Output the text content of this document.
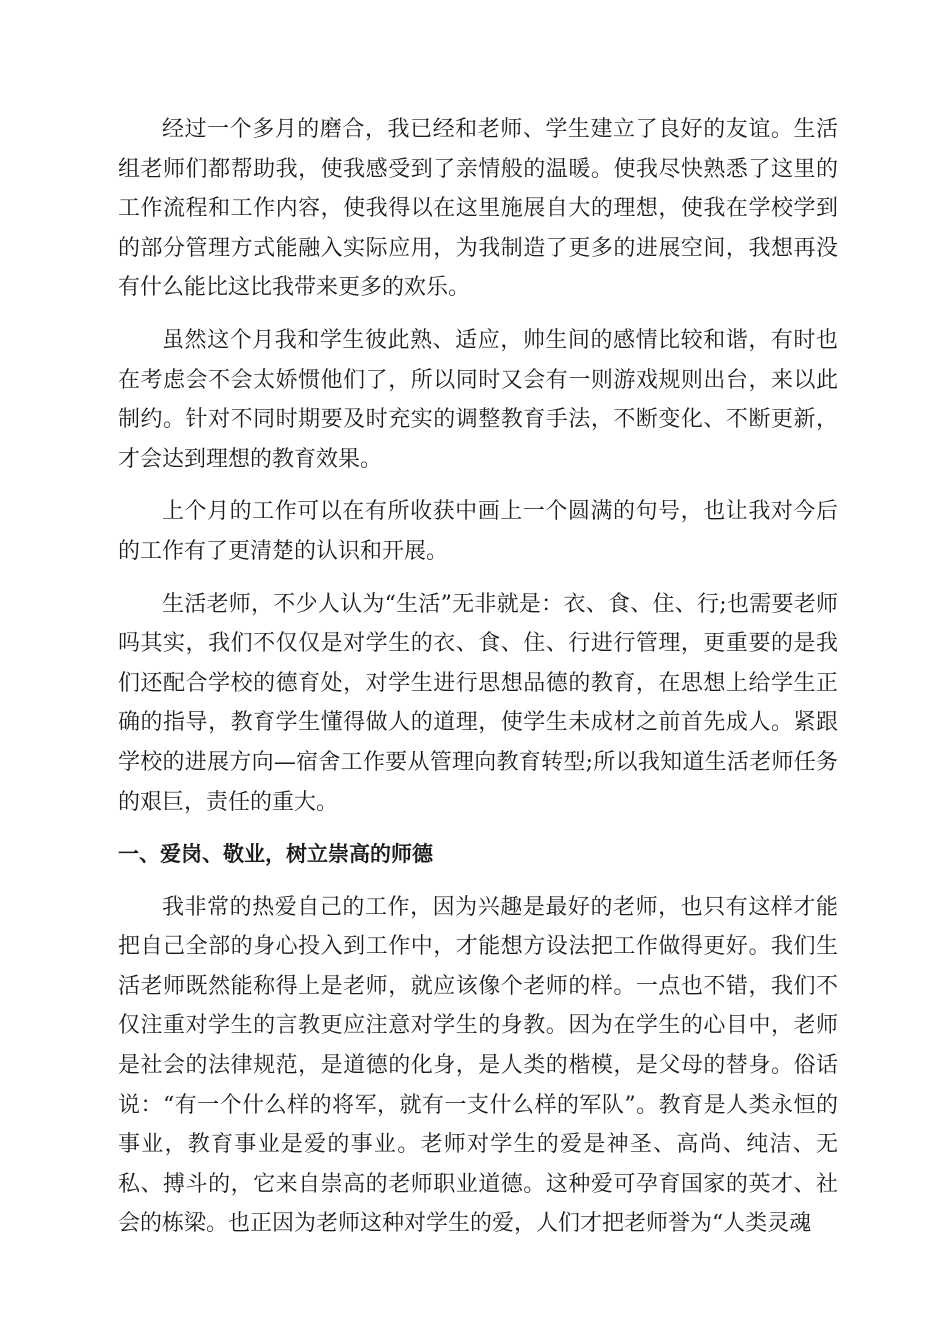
经过一个多月的磨合，我已经和老师、学生建立了良好的友谊。生活组老师们都帮助我，使我感受到了亲情般的温暖。使我尽快熟悉了这里的工作流程和工作内容，使我得以在这里施展自大的理想，使我在学校学到的部分管理方式能融入实际应用，为我制造了更多的进展空间，我想再没有什么能比这比我带来更多的欢乐。

虽然这个月我和学生彼此熟、适应，帅生间的感情比较和谐，有时也在考虑会不会太娇惯他们了，所以同时又会有一则游戏规则出台，来以此制约。针对不同时期要及时充实的调整教育手法，不断变化、不断更新，才会达到理想的教育效果。

上个月的工作可以在有所收获中画上一个圆满的句号，也让我对今后的工作有了更清楚的认识和开展。

生活老师，不少人认为“生活”无非就是：衣、食、住、行;也需要老师吗其实，我们不仅仅是对学生的衣、食、住、行进行管理，更重要的是我们还配合学校的德育处，对学生进行思想品德的教育，在思想上给学生正确的指导，教育学生懂得做人的道理，使学生未成材之前首先成人。紧跟学校的进展方向—宿舍工作要从管理向教育转型;所以我知道生活老师任务的艰巨，责任的重大。

一、爱岗、敬业，树立崇高的师德

我非常的热爱自己的工作，因为兴趣是最好的老师，也只有这样才能把自己全部的身心投入到工作中，才能想方设法把工作做得更好。我们生活老师既然能称得上是老师，就应该像个老师的样。一点也不错，我们不仅注重对学生的言教更应注意对学生的身教。因为在学生的心目中，老师是社会的法律规范，是道德的化身，是人类的楷模，是父母的替身。俗话说：“有一个什么样的将军，就有一支什么样的军队”。教育是人类永恒的事业，教育事业是爱的事业。老师对学生的爱是神圣、高尚、纯洁、无私、搏斗的，它来自崇高的老师职业道德。这种爱可孕育国家的英才、社会的栋梁。也正因为老师这种对学生的爱，人们才把老师誉为“人类灵魂
